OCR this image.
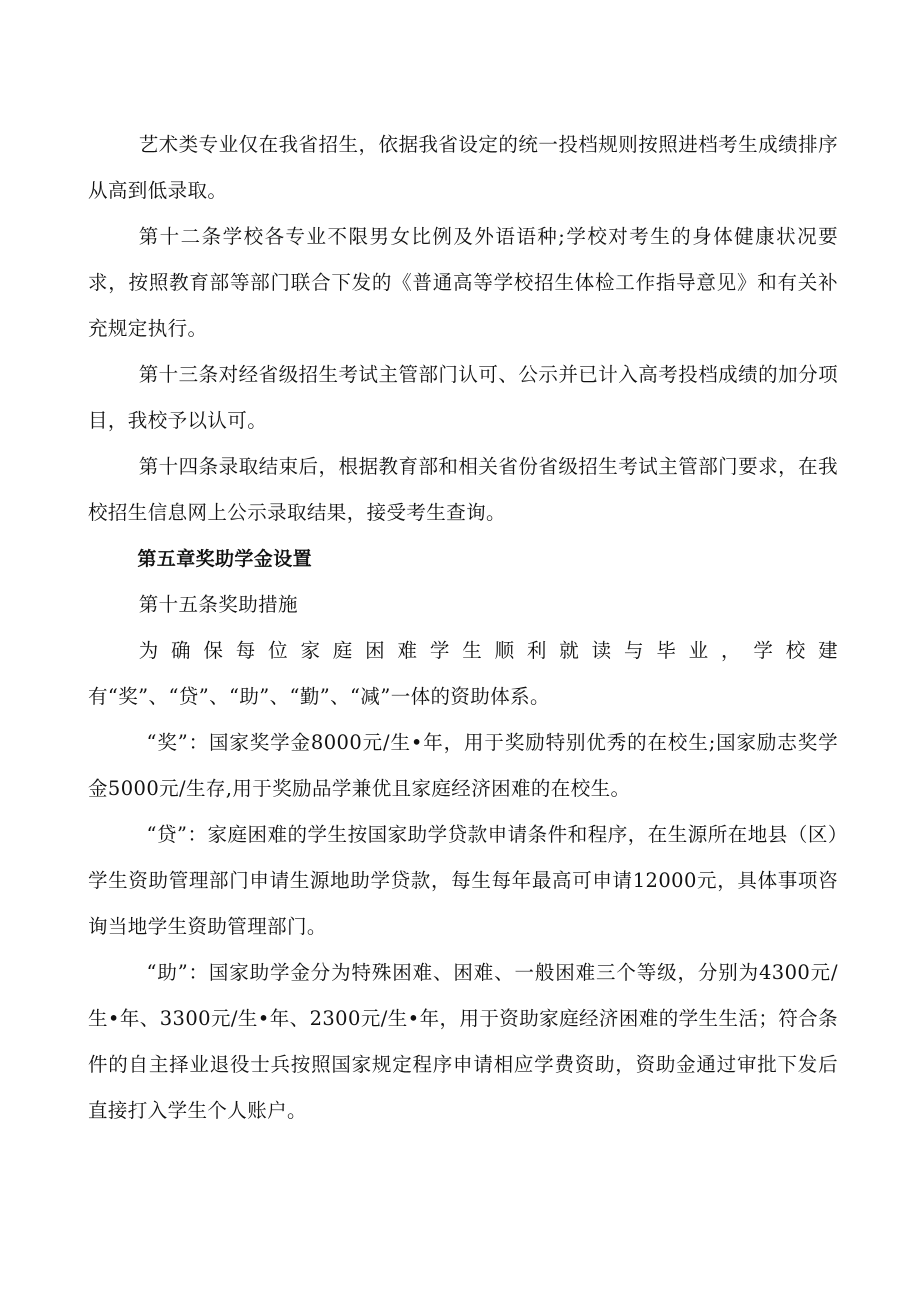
艺术类专业仅在我省招生，依据我省设定的统一投档规则按照进档考生成绩排序从高到低录取。

第十二条学校各专业不限男女比例及外语语种;学校对考生的身体健康状况要求，按照教育部等部门联合下发的《普通高等学校招生体检工作指导意见》和有关补充规定执行。

第十三条对经省级招生考试主管部门认可、公示并已计入高考投档成绩的加分项目，我校予以认可。

第十四条录取结束后，根据教育部和相关省份省级招生考试主管部门要求，在我校招生信息网上公示录取结果，接受考生查询。

第五章奖助学金设置

第十五条奖助措施

为确保每位家庭困难学生顺利就读与毕业，学校建有“奖”、“贷”、“助”、“勤”、“减”一体的资助体系。

“奖”：国家奖学金8000元/生•年，用于奖励特别优秀的在校生;国家励志奖学金5000元/生存,用于奖励品学兼优且家庭经济困难的在校生。

“贷”：家庭困难的学生按国家助学贷款申请条件和程序，在生源所在地县（区）学生资助管理部门申请生源地助学贷款，每生每年最高可申请12000元，具体事项咨询当地学生资助管理部门。

“助”：国家助学金分为特殊困难、困难、一般困难三个等级，分别为4300元/生•年、3300元/生•年、2300元/生•年，用于资助家庭经济困难的学生生活；符合条件的自主择业退役士兵按照国家规定程序申请相应学费资助，资助金通过审批下发后直接打入学生个人账户。
